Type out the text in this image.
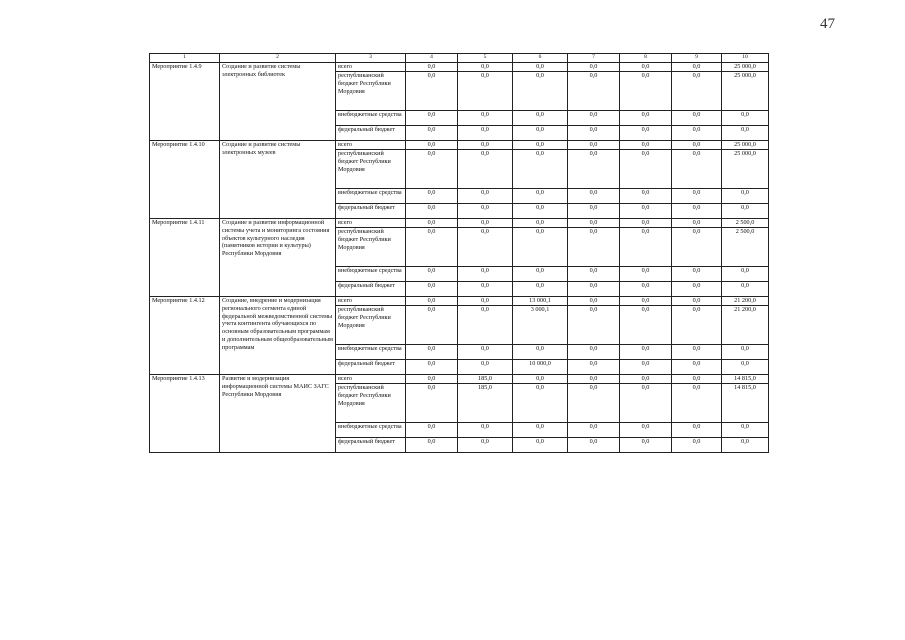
47
1	2	3	4	5	6	7	8	9	10
Мероприятие 1.4.9	Создание и развитие системы электронных библиотек	всего	0,0	0,0	0,0	0,0	0,0	0,0	25 000,0
		республиканский бюджет Республики Мордовия	0,0	0,0	0,0	0,0	0,0	0,0	25 000,0
		внебюджетные средства	0,0	0,0	0,0	0,0	0,0	0,0	0,0
		федеральный бюджет	0,0	0,0	0,0	0,0	0,0	0,0	0,0
Мероприятие 1.4.10	Создание и развитие системы электронных музеев	всего	0,0	0,0	0,0	0,0	0,0	0,0	25 000,0
		республиканский бюджет Республики Мордовия	0,0	0,0	0,0	0,0	0,0	0,0	25 000,0
		внебюджетные средства	0,0	0,0	0,0	0,0	0,0	0,0	0,0
		федеральный бюджет	0,0	0,0	0,0	0,0	0,0	0,0	0,0
Мероприятие 1.4.11	Создание и развитие информационной системы учета и мониторинга состояния объектов культурного наследия (памятников истории и культуры) Республики Мордовия	всего	0,0	0,0	0,0	0,0	0,0	0,0	2 500,0
		республиканский бюджет Республики Мордовия	0,0	0,0	0,0	0,0	0,0	0,0	2 500,0
		внебюджетные средства	0,0	0,0	0,0	0,0	0,0	0,0	0,0
		федеральный бюджет	0,0	0,0	0,0	0,0	0,0	0,0	0,0
Мероприятие 1.4.12	Создание, внедрение и модернизация регионального сегмента единой федеральной межведомственной системы учета контингента обучающихся по основным образовательным программам и дополнительным общеобразовательным программам	всего	0,0	0,0	13 000,1	0,0	0,0	0,0	21 200,0
		республиканский бюджет Республики Мордовия	0,0	0,0	3 000,1	0,0	0,0	0,0	21 200,0
		внебюджетные средства	0,0	0,0	0,0	0,0	0,0	0,0	0,0
		федеральный бюджет	0,0	0,0	10 000,0	0,0	0,0	0,0	0,0
Мероприятие 1.4.13	Развитие и модернизация информационной системы МАИС ЗАГС Республики Мордовия	всего	0,0	185,0	0,0	0,0	0,0	0,0	14 815,0
		республиканский бюджет Республики Мордовия	0,0	185,0	0,0	0,0	0,0	0,0	14 815,0
		внебюджетные средства	0,0	0,0	0,0	0,0	0,0	0,0	0,0
		федеральный бюджет	0,0	0,0	0,0	0,0	0,0	0,0	0,0
